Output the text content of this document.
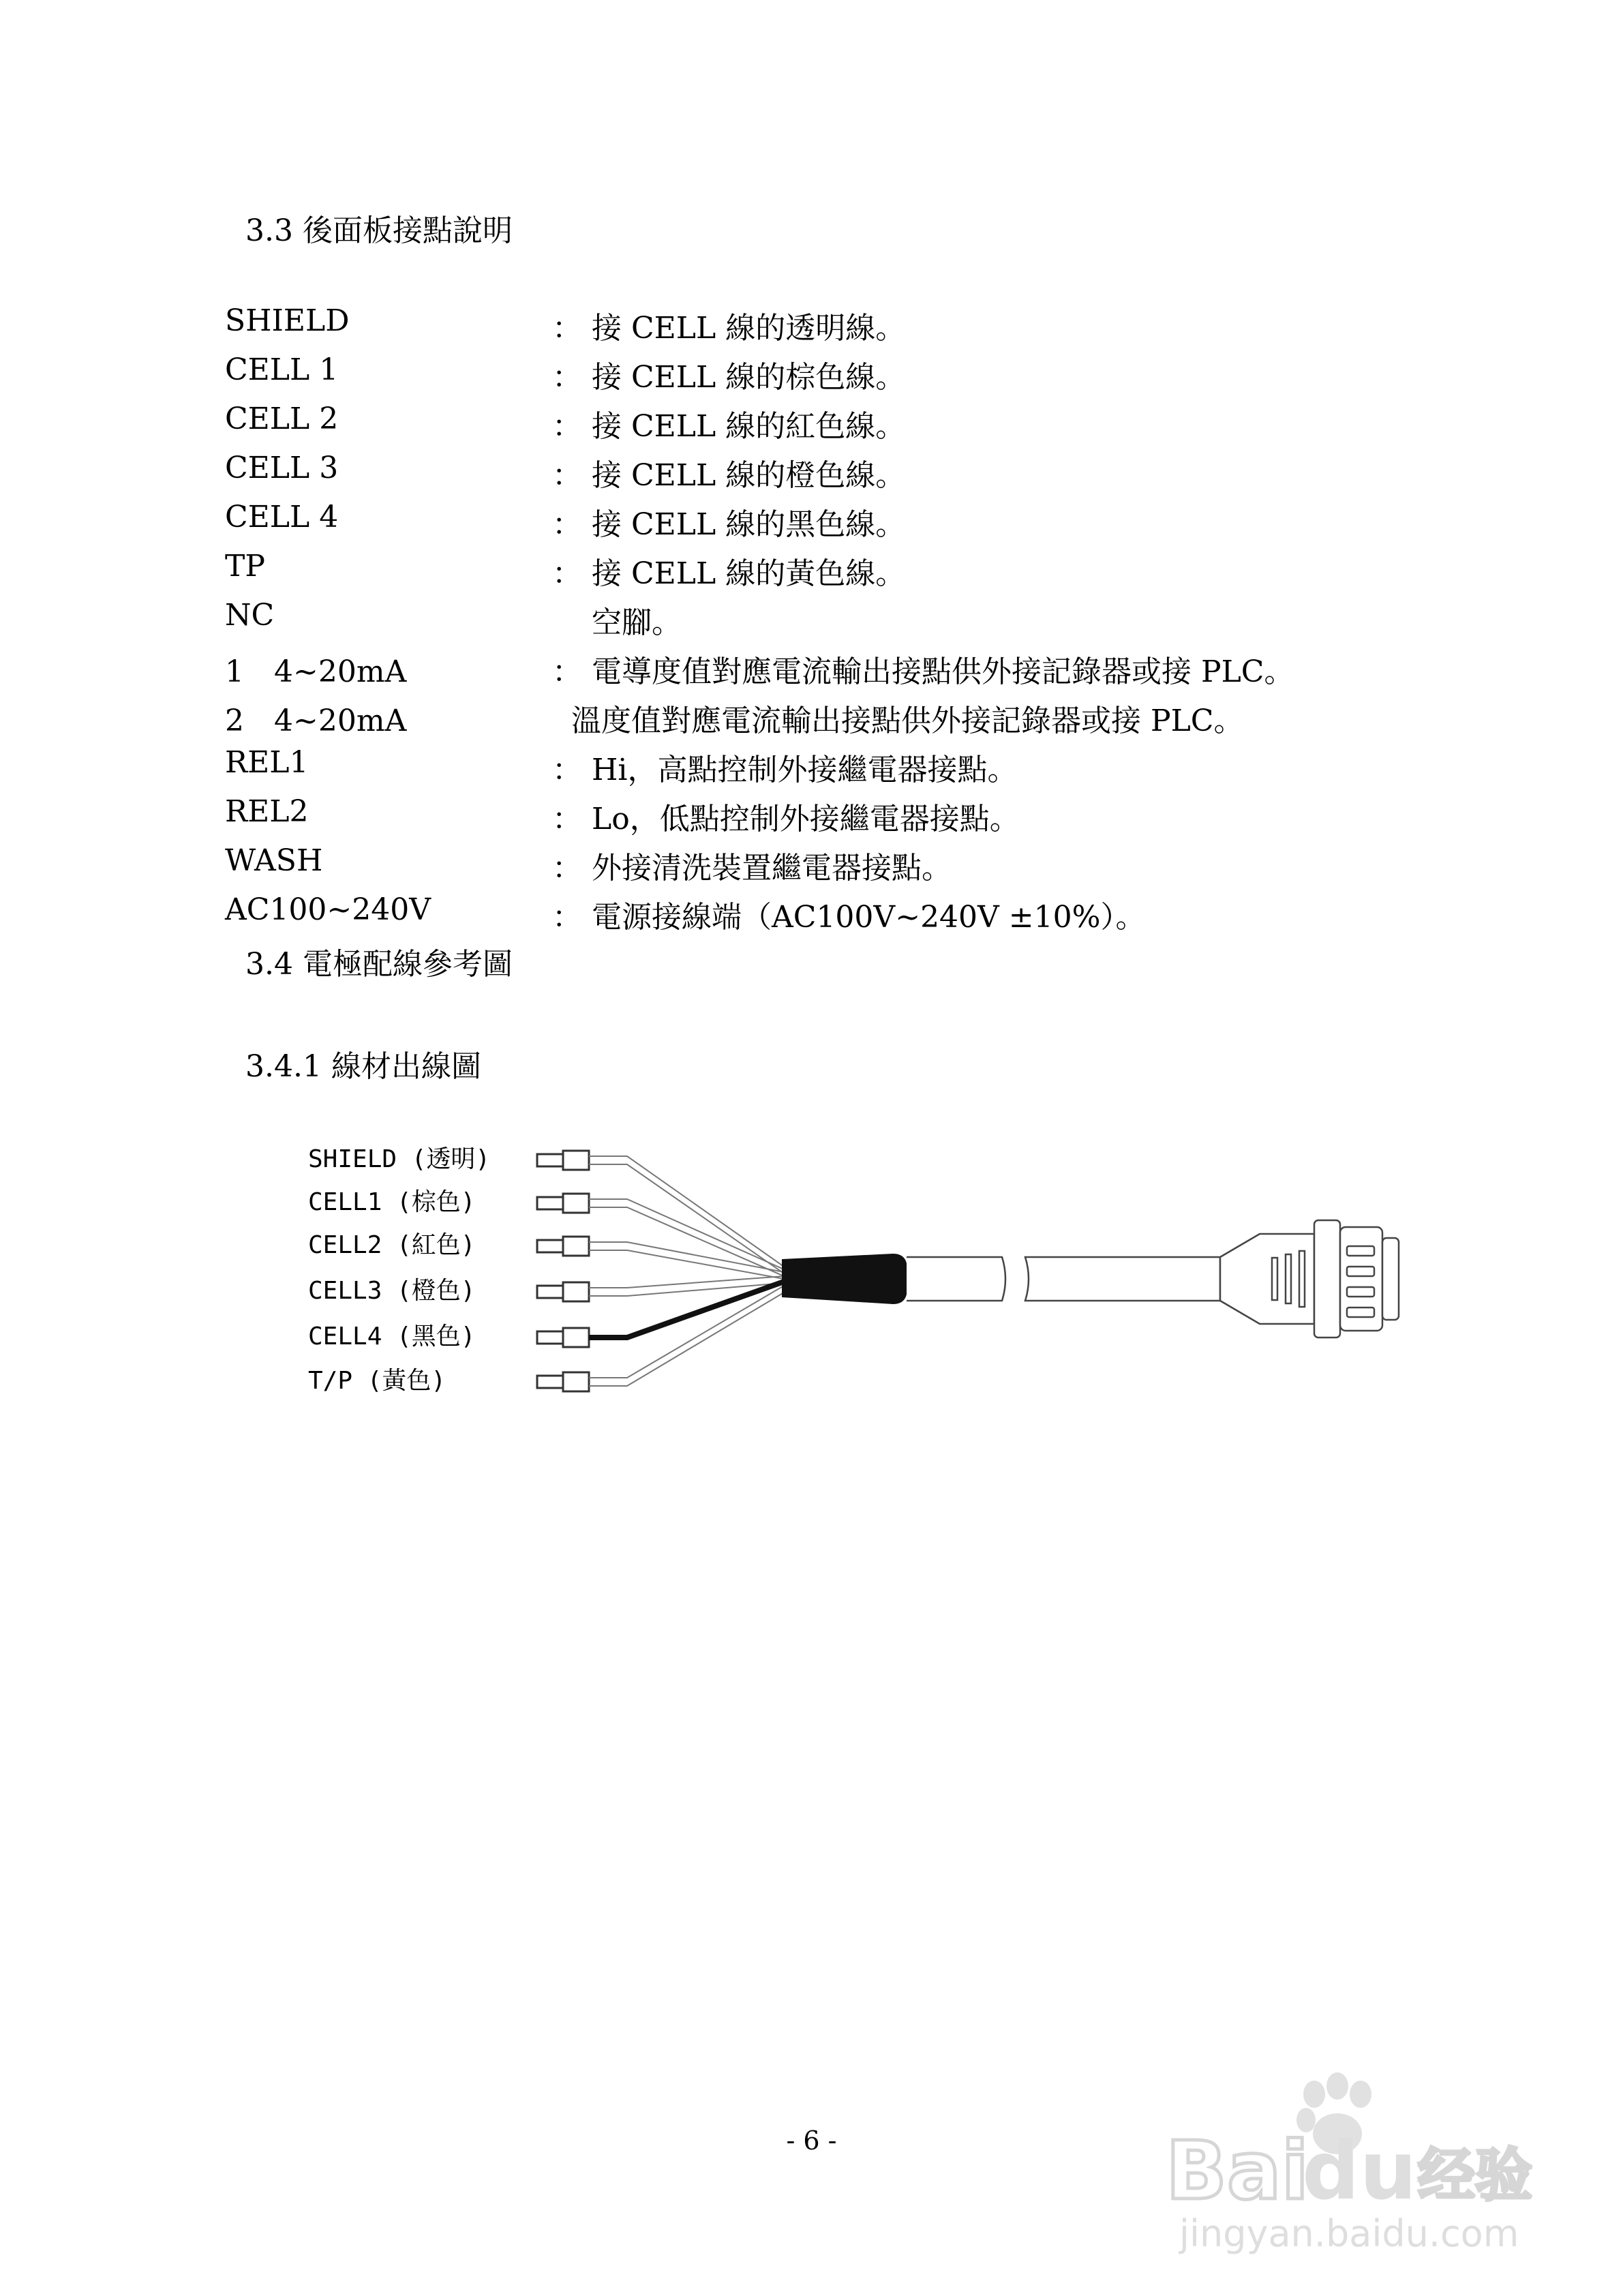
3.3 後面板接點說明
SHIELD	： 接 CELL 線的透明線。
CELL 1	： 接 CELL 線的棕色線。
CELL 2	： 接 CELL 線的紅色線。
CELL 3	： 接 CELL 線的橙色線。
CELL 4	： 接 CELL 線的黑色線。
TP	： 接 CELL 線的黃色線。
NC	空腳。
1　4~20mA	： 電導度值對應電流輸出接點供外接記錄器或接 PLC。
2　4~20mA	溫度值對應電流輸出接點供外接記錄器或接 PLC。
REL1	： Hi，高點控制外接繼電器接點。
REL2	： Lo，低點控制外接繼電器接點。
WASH	： 外接清洗裝置繼電器接點。
AC100~240V	： 電源接線端（AC100V~240V ±10%）。
3.4 電極配線參考圖
3.4.1 線材出線圖
SHIELD (透明)
CELL1 (棕色)
CELL2 (紅色)
CELL3 (橙色)
CELL4 (黑色)
T/P (黃色)
- 6 -	Bai
du 经验
jingyan.baidu.com
